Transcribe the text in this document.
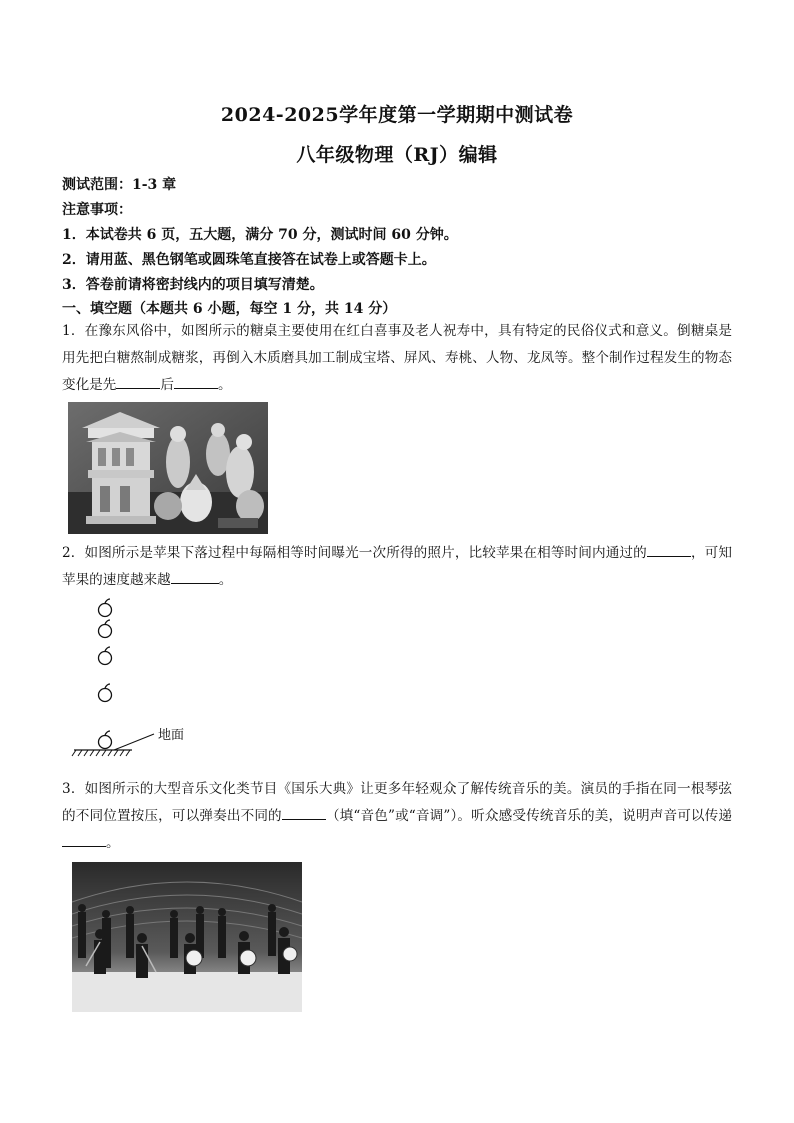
2024-2025学年度第一学期期中测试卷
八年级物理（RJ）编辑
测试范围：1-3 章
注意事项：
1．本试卷共 6 页，五大题，满分 70 分，测试时间 60 分钟。
2．请用蓝、黑色钢笔或圆珠笔直接答在试卷上或答题卡上。
3．答卷前请将密封线内的项目填写清楚。
一、填空题（本题共 6 小题，每空 1 分，共 14 分）
1．在豫东风俗中，如图所示的糖桌主要使用在红白喜事及老人祝寿中，具有特定的民俗仪式和意义。倒糖桌是用先把白糖熬制成糖浆，再倒入木质磨具加工制成宝塔、屏风、寿桃、人物、龙凤等。整个制作过程发生的物态变化是先	后	。
2．如图所示是苹果下落过程中每隔相等时间曝光一次所得的照片，比较苹果在相等时间内通过的	，可知苹果的速度越来越	。
地面
3．如图所示的大型音乐文化类节目《国乐大典》让更多年轻观众了解传统音乐的美。演员的手指在同一根琴弦的不同位置按压，可以弹奏出不同的	（填“音色”或“音调”）。听众感受传统音乐的美，说明声音可以传递。
